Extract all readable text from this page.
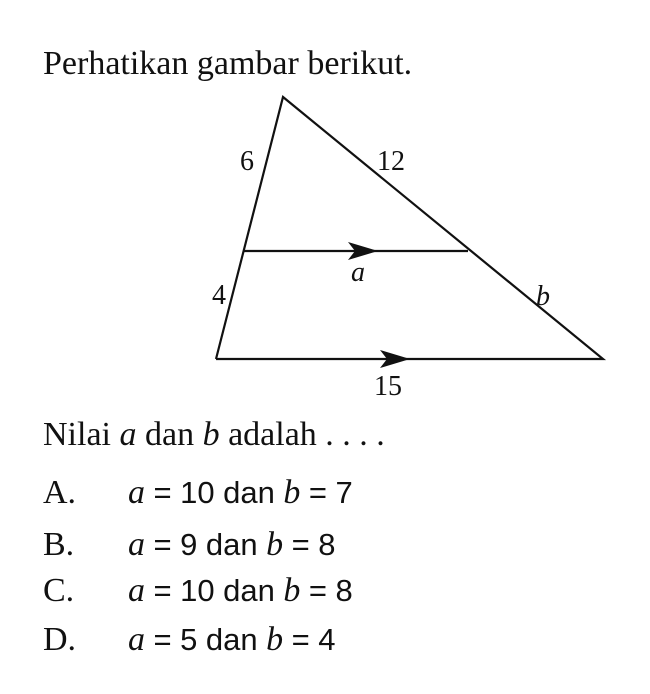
Perhatikan gambar berikut.
6
4
12
b
a
15
Nilai a dan b adalah . . . .
A. a = 10 dan b = 7
B. a = 9 dan b = 8
C. a = 10 dan b = 8
D. a = 5 dan b = 4
